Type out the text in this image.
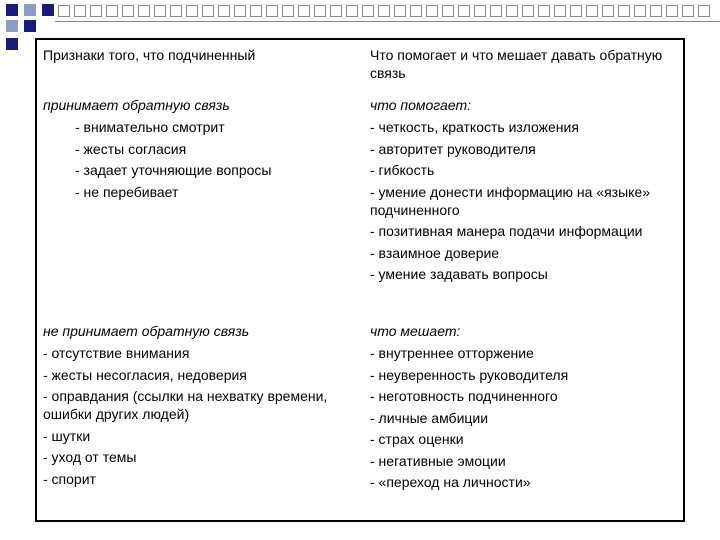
Признаки того, что подчиненный
принимает обратную связь
- внимательно смотрит
- жесты согласия
- задает уточняющие вопросы
- не перебивает
не принимает обратную связь
- отсутствие внимания
- жесты несогласия, недоверия
- оправдания (ссылки на нехватку времени, ошибки других людей)
- шутки
- уход от темы
- спорит
Что помогает и что мешает давать обратную связь
что помогает:
- четкость, краткость изложения
- авторитет руководителя
- гибкость
- умение донести информацию на «языке» подчиненного
- позитивная манера подачи информации
- взаимное доверие
- умение задавать вопросы
что мешает:
- внутреннее отторжение
- неуверенность руководителя
- неготовность подчиненного
- личные амбиции
- страх оценки
- негативные эмоции
- «переход на личности»
